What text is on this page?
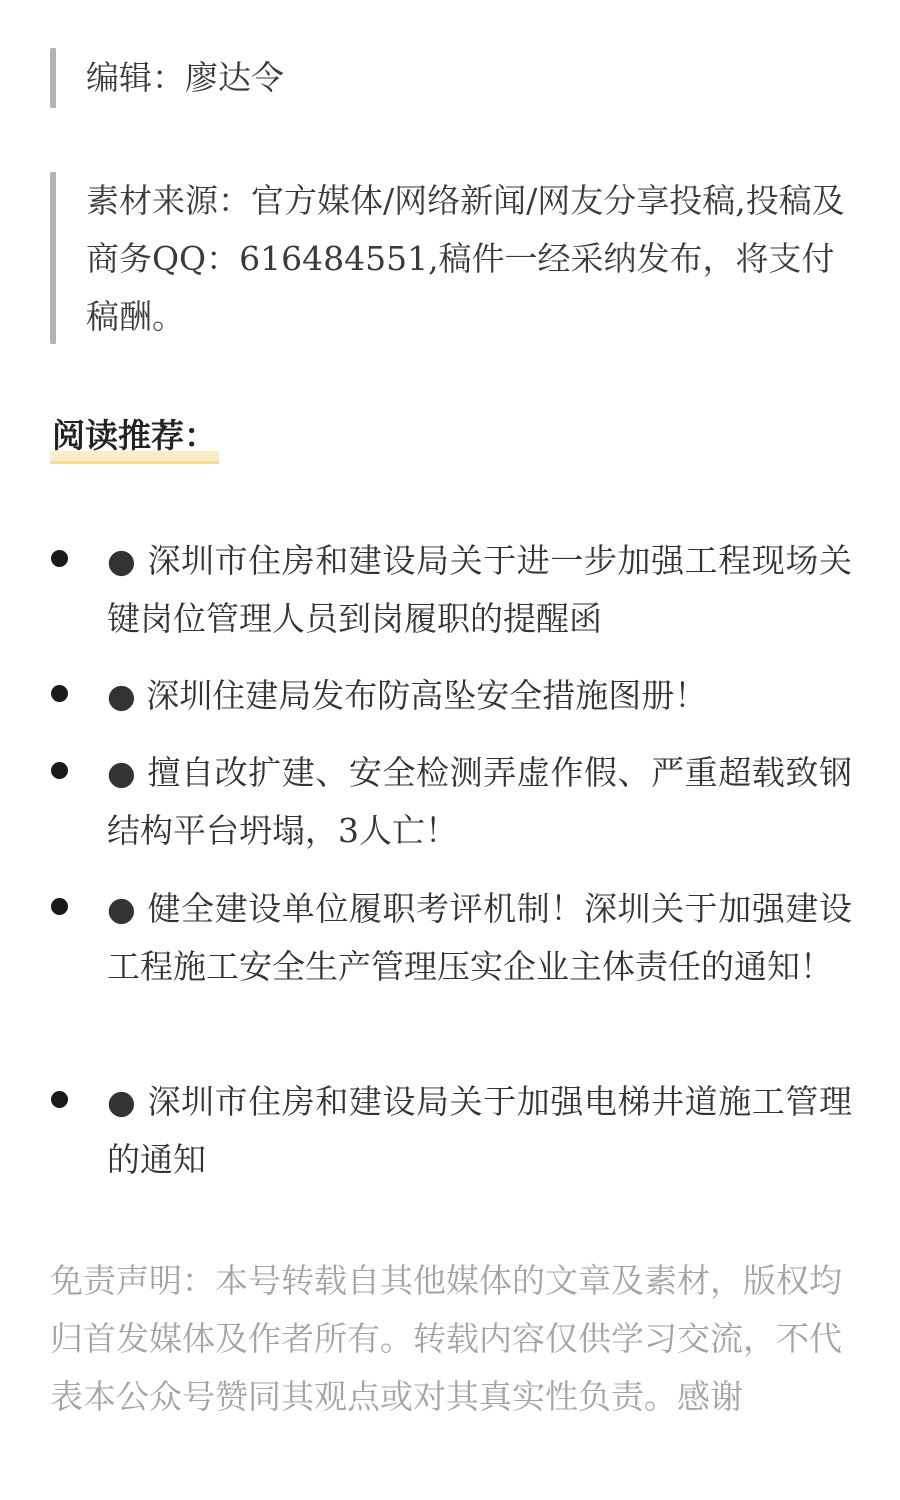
编辑：廖达令
素材来源：官方媒体/网络新闻/网友分享投稿,投稿及商务QQ：616484551,稿件一经采纳发布，将支付稿酬。
阅读推荐：
● 深圳市住房和建设局关于进一步加强工程现场关键岗位管理人员到岗履职的提醒函
● 深圳住建局发布防高坠安全措施图册！
● 擅自改扩建、安全检测弄虚作假、严重超载致钢结构平台坍塌，3人亡！
● 健全建设单位履职考评机制！深圳关于加强建设工程施工安全生产管理压实企业主体责任的通知！
● 深圳市住房和建设局关于加强电梯井道施工管理的通知
免责声明：本号转载自其他媒体的文章及素材，版权均归首发媒体及作者所有。转载内容仅供学习交流，不代表本公众号赞同其观点或对其真实性负责。感谢
